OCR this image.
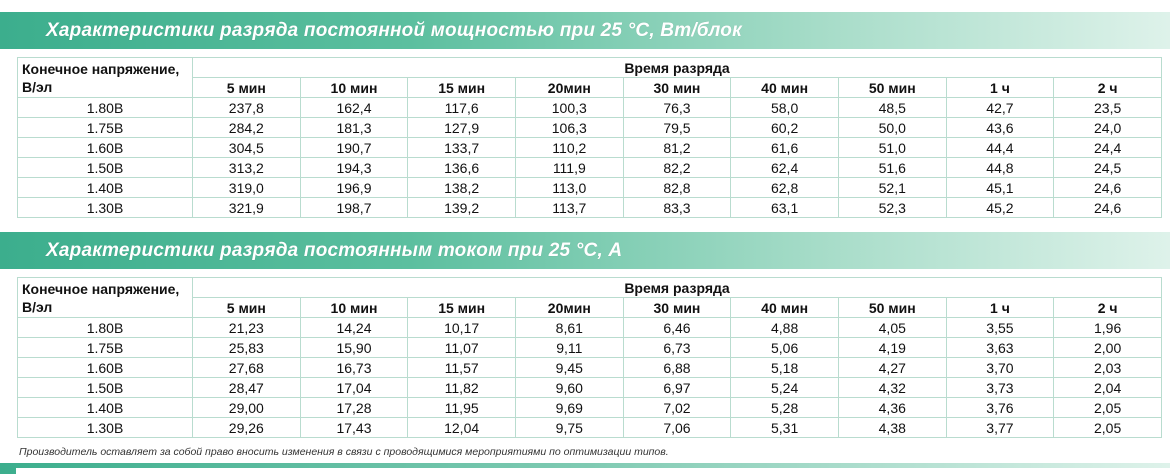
Характеристики разряда постоянной мощностью при 25 °С, Вт/блок
Конечное напряжение, В/эл	Время разряда								
	5 мин	10 мин	15 мин	20мин	30 мин	40 мин	50 мин	1 ч	2 ч
1.80В	237,8	162,4	117,6	100,3	76,3	58,0	48,5	42,7	23,5
1.75В	284,2	181,3	127,9	106,3	79,5	60,2	50,0	43,6	24,0
1.60В	304,5	190,7	133,7	110,2	81,2	61,6	51,0	44,4	24,4
1.50В	313,2	194,3	136,6	111,9	82,2	62,4	51,6	44,8	24,5
1.40В	319,0	196,9	138,2	113,0	82,8	62,8	52,1	45,1	24,6
1.30В	321,9	198,7	139,2	113,7	83,3	63,1	52,3	45,2	24,6
Характеристики разряда постоянным током при 25 °С, А
Конечное напряжение, В/эл	Время разряда								
	5 мин	10 мин	15 мин	20мин	30 мин	40 мин	50 мин	1 ч	2 ч
1.80В	21,23	14,24	10,17	8,61	6,46	4,88	4,05	3,55	1,96
1.75В	25,83	15,90	11,07	9,11	6,73	5,06	4,19	3,63	2,00
1.60В	27,68	16,73	11,57	9,45	6,88	5,18	4,27	3,70	2,03
1.50В	28,47	17,04	11,82	9,60	6,97	5,24	4,32	3,73	2,04
1.40В	29,00	17,28	11,95	9,69	7,02	5,28	4,36	3,76	2,05
1.30В	29,26	17,43	12,04	9,75	7,06	5,31	4,38	3,77	2,05
Производитель оставляет за собой право вносить изменения в связи с проводящимися мероприятиями по оптимизации типов.
